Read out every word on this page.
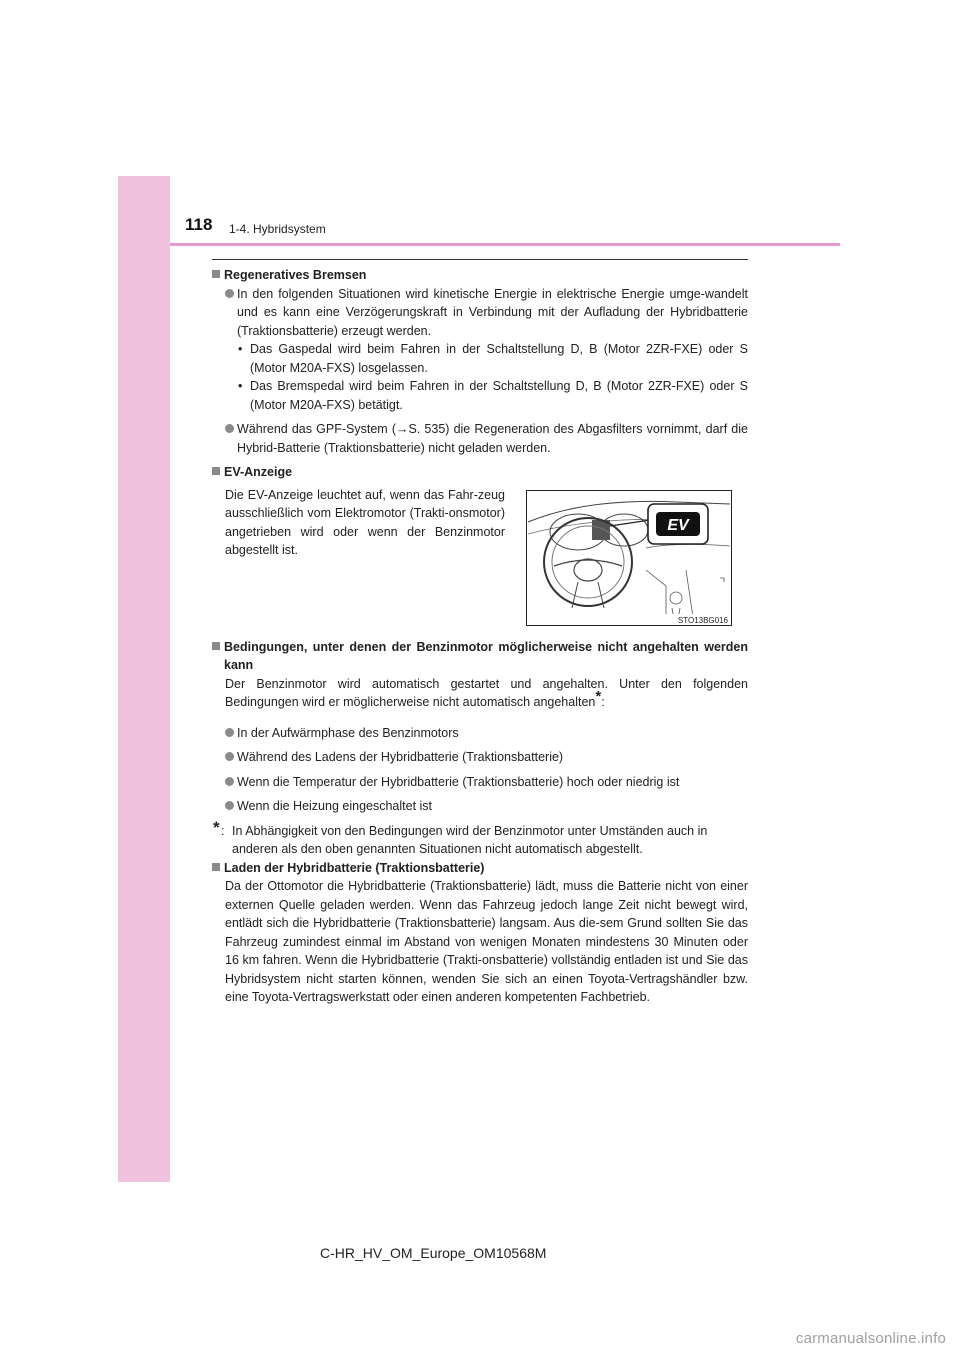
118 1-4. Hybridsystem

Regeneratives Bremsen

In den folgenden Situationen wird kinetische Energie in elektrische Energie umge-wandelt und es kann eine Verzögerungskraft in Verbindung mit der Aufladung der Hybridbatterie (Traktionsbatterie) erzeugt werden.

• Das Gaspedal wird beim Fahren in der Schaltstellung D, B (Motor 2ZR-FXE) oder S (Motor M20A-FXS) losgelassen.

• Das Bremspedal wird beim Fahren in der Schaltstellung D, B (Motor 2ZR-FXE) oder S (Motor M20A-FXS) betätigt.

Während das GPF-System (→S. 535) die Regeneration des Abgasfilters vornimmt, darf die Hybrid-Batterie (Traktionsbatterie) nicht geladen werden.

EV-Anzeige

Die EV-Anzeige leuchtet auf, wenn das Fahr-zeug ausschließlich vom Elektromotor (Trakti-onsmotor) angetrieben wird oder wenn der Benzinmotor abgestellt ist.

EV
STO13BG016

Bedingungen, unter denen der Benzinmotor möglicherweise nicht angehalten werden kann

Der Benzinmotor wird automatisch gestartet und angehalten. Unter den folgenden Bedingungen wird er möglicherweise nicht automatisch angehalten*:

In der Aufwärmphase des Benzinmotors

Während des Ladens der Hybridbatterie (Traktionsbatterie)

Wenn die Temperatur der Hybridbatterie (Traktionsbatterie) hoch oder niedrig ist

Wenn die Heizung eingeschaltet ist

* : In Abhängigkeit von den Bedingungen wird der Benzinmotor unter Umständen auch in anderen als den oben genannten Situationen nicht automatisch abgestellt.

Laden der Hybridbatterie (Traktionsbatterie)

Da der Ottomotor die Hybridbatterie (Traktionsbatterie) lädt, muss die Batterie nicht von einer externen Quelle geladen werden. Wenn das Fahrzeug jedoch lange Zeit nicht bewegt wird, entlädt sich die Hybridbatterie (Traktionsbatterie) langsam. Aus die-sem Grund sollten Sie das Fahrzeug zumindest einmal im Abstand von wenigen Monaten mindestens 30 Minuten oder 16 km fahren. Wenn die Hybridbatterie (Trakti-onsbatterie) vollständig entladen ist und Sie das Hybridsystem nicht starten können, wenden Sie sich an einen Toyota-Vertragshändler bzw. eine Toyota-Vertragswerkstatt oder einen anderen kompetenten Fachbetrieb.

C-HR_HV_OM_Europe_OM10568M
carmanualsonline.info
